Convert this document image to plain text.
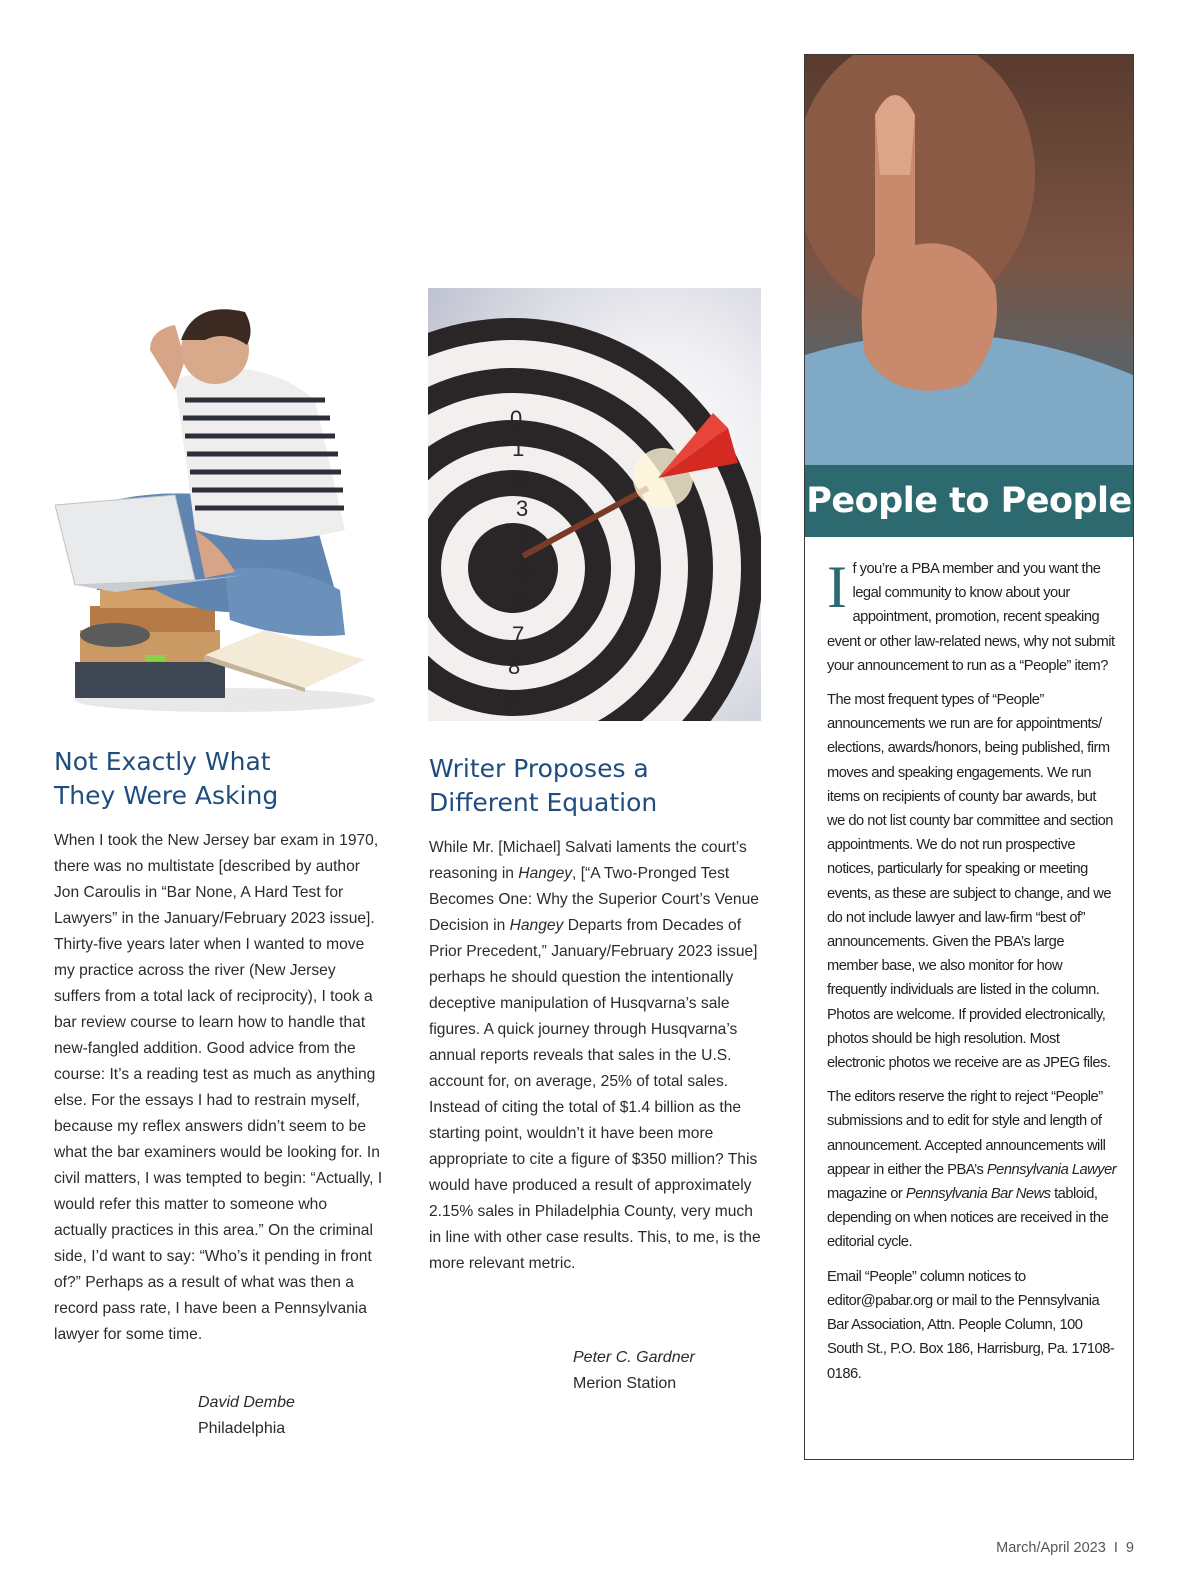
Not Exactly What
They Were Asking

When I took the New Jersey bar exam in 1970, there was no multistate [described by author Jon Caroulis in “Bar None, A Hard Test for Lawyers” in the January/February 2023 issue]. Thirty-five years later when I wanted to move my practice across the river (New Jersey suffers from a total lack of reciprocity), I took a bar review course to learn how to handle that new-fangled addition. Good advice from the course: It’s a reading test as much as anything else. For the essays I had to restrain myself, because my reflex answers didn’t seem to be what the bar examiners would be looking for. In civil matters, I was tempted to begin: “Actually, I would refer this matter to someone who actually practices in this area.” On the criminal side, I’d want to say: “Who’s it pending in front of?” Perhaps as a result of what was then a record pass rate, I have been a Pennsylvania lawyer for some time.

David Dembe
Philadelphia
0
1
2
3
4
5
6
7
8
9
Writer Proposes a
Different Equation

While Mr. [Michael] Salvati laments the court’s reasoning in Hangey, [“A Two-Pronged Test Becomes One: Why the Superior Court’s Venue Decision in Hangey Departs from Decades of Prior Precedent,” January/February 2023 issue] perhaps he should question the intentionally deceptive manipulation of Husqvarna’s sale figures. A quick journey through Husqvarna’s annual reports reveals that sales in the U.S. account for, on average, 25% of total sales. Instead of citing the total of $1.4 billion as the starting point, wouldn’t it have been more appropriate to cite a figure of $350 million? This would have produced a result of approximately 2.15% sales in Philadelphia County, very much in line with other case results. This, to me, is the more relevant metric.

Peter C. Gardner
Merion Station
People to People

If you’re a PBA member and you want the legal community to know about your appointment, promotion, recent speaking event or other law-related news, why not submit your announcement to run as a “People” item?

The most frequent types of “People” announcements we run are for appointments/ elections, awards/honors, being published, firm moves and speaking engagements. We run items on recipients of county bar awards, but we do not list county bar committee and section appointments. We do not run prospective notices, particularly for speaking or meeting events, as these are subject to change, and we do not include lawyer and law-firm “best of” announcements. Given the PBA’s large member base, we also monitor for how frequently individuals are listed in the column. Photos are welcome. If provided electronically, photos should be high resolution. Most electronic photos we receive are as JPEG files.

The editors reserve the right to reject “People” submissions and to edit for style and length of announcement. Accepted announcements will appear in either the PBA’s Pennsylvania Lawyer magazine or Pennsylvania Bar News tabloid, depending on when notices are received in the editorial cycle.

Email “People” column notices to editor@pabar.org or mail to the Pennsylvania Bar Association, Attn. People Column, 100 South St., P.O. Box 186, Harrisburg, Pa. 17108-0186.

March/April 2023 I 9
